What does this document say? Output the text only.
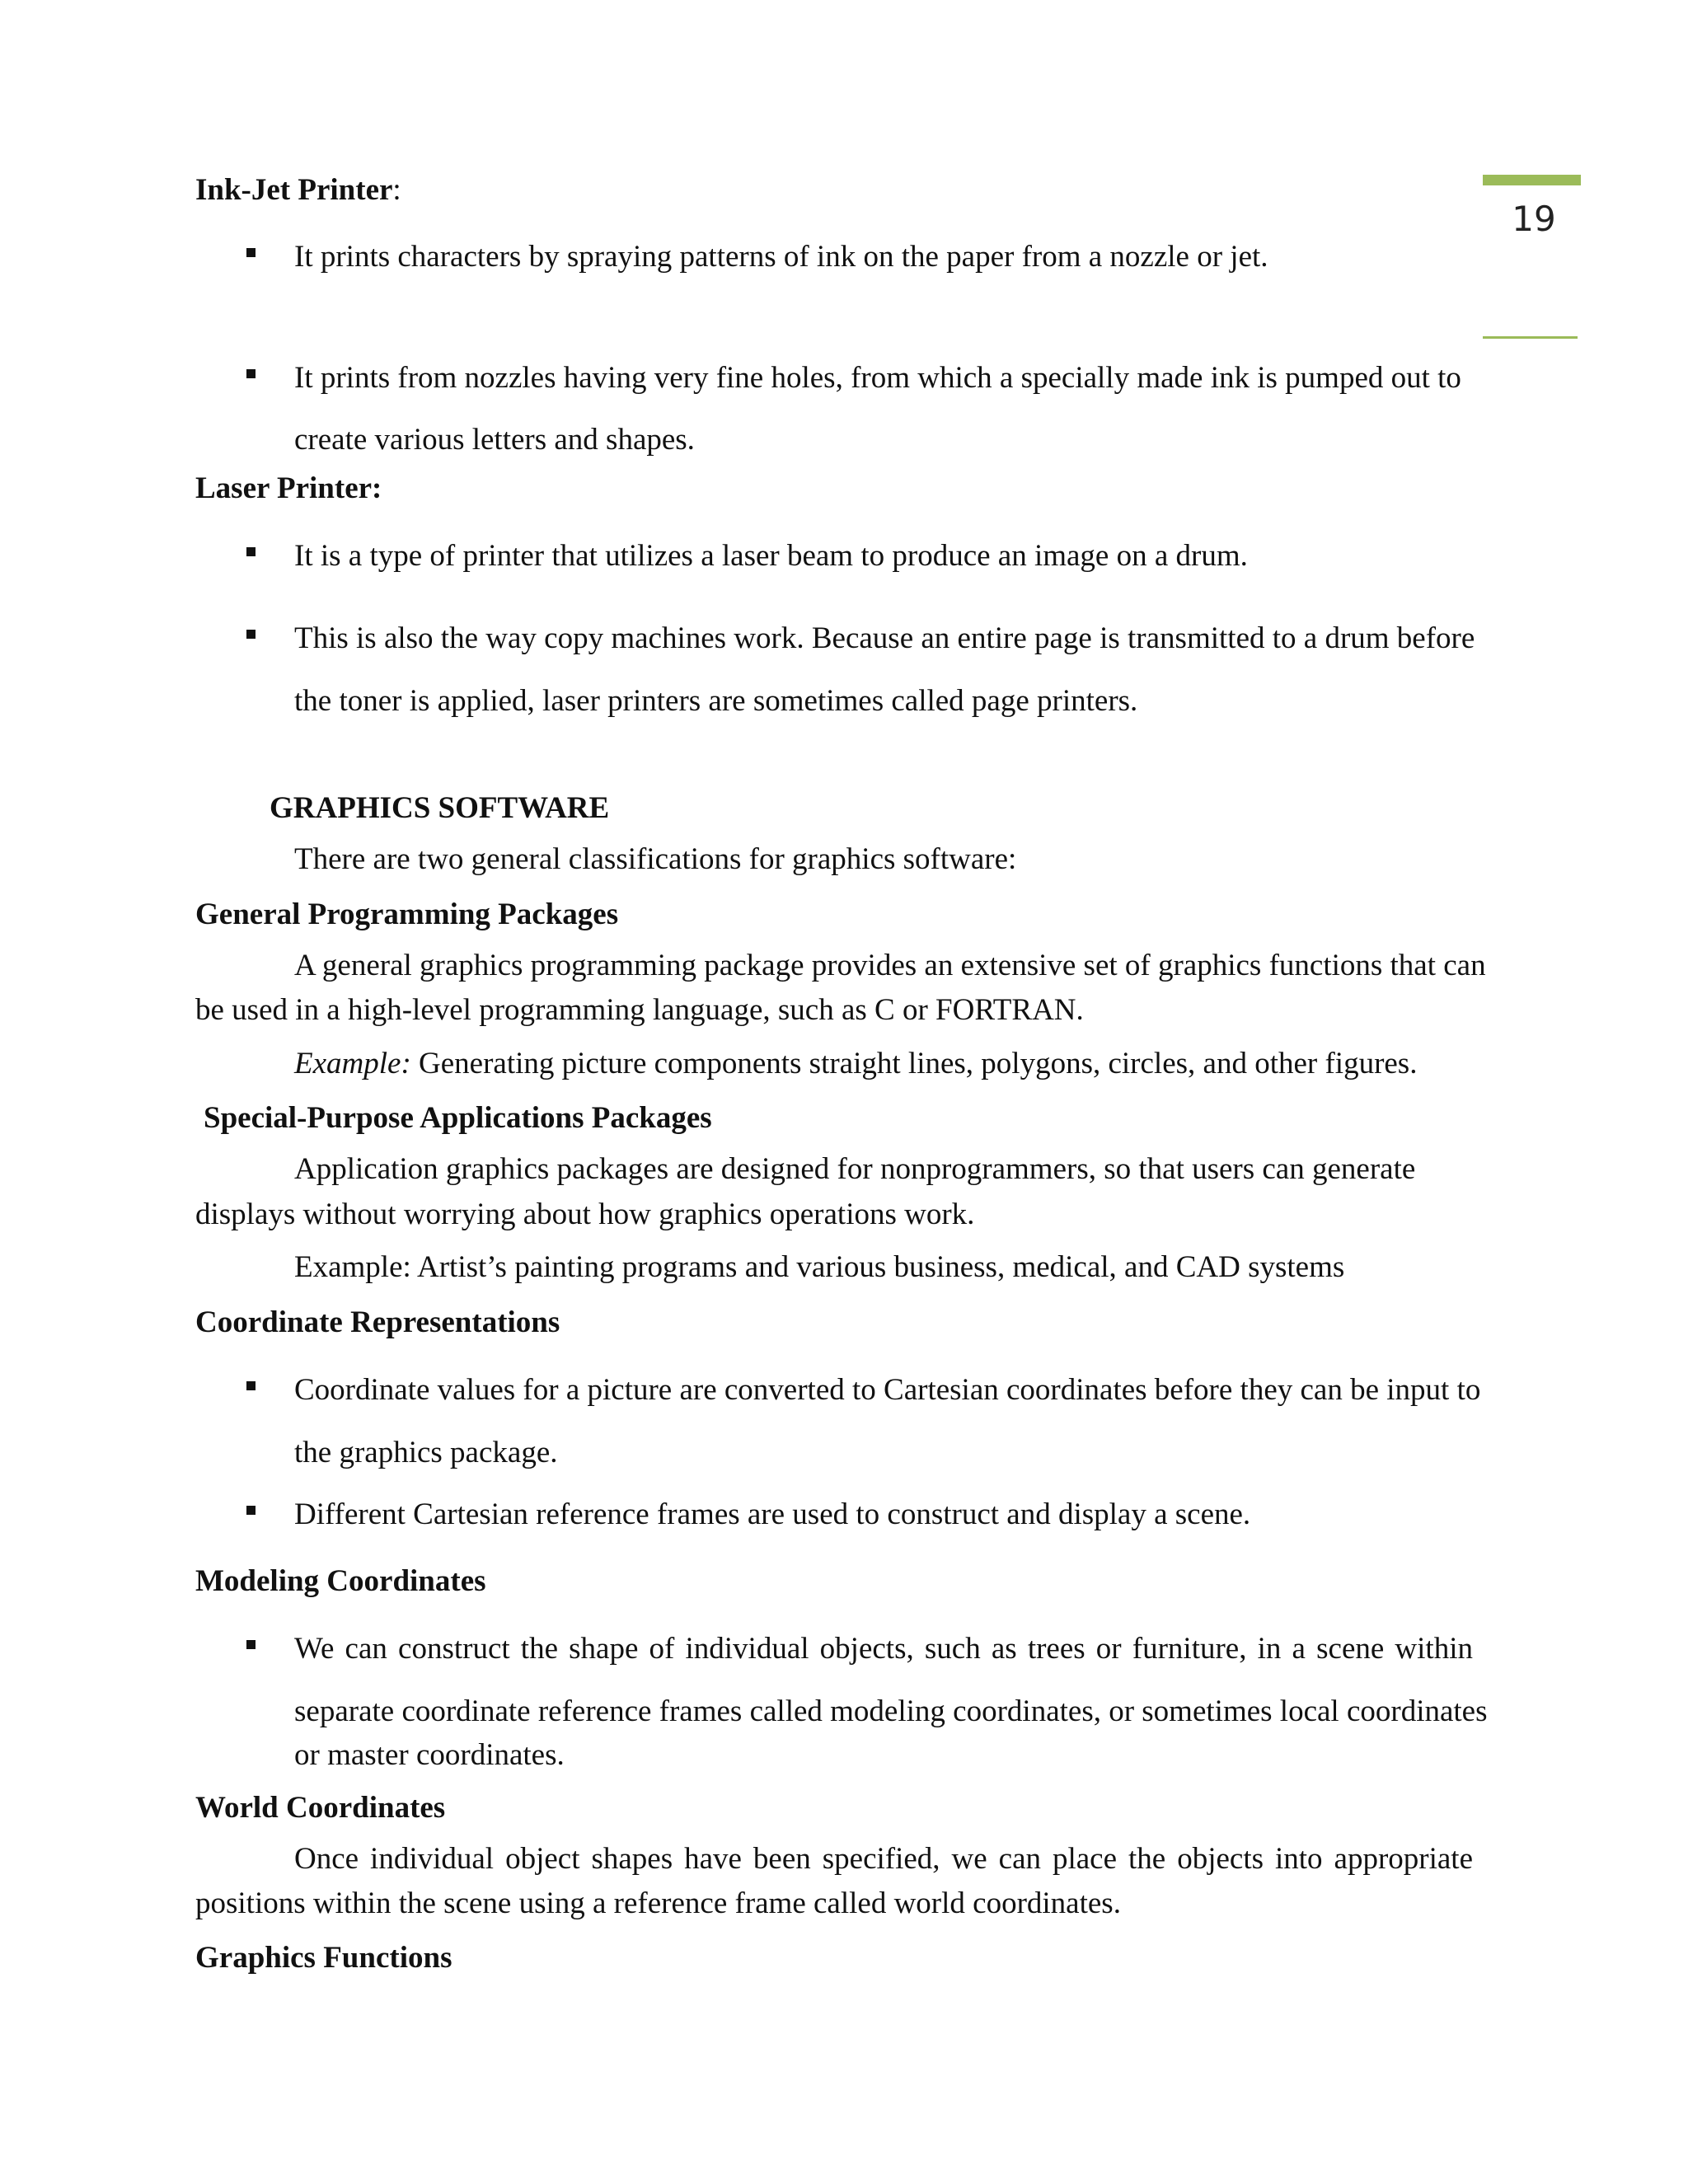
19
Ink-Jet Printer:
It prints characters by spraying patterns of ink on the paper from a nozzle or jet.
It prints from nozzles having very fine holes, from which a specially made ink is pumped out to
create various letters and shapes.
Laser Printer:
It is a type of printer that utilizes a laser beam to produce an image on a drum.
This is also the way copy machines work. Because an entire page is transmitted to a drum before
the toner is applied, laser printers are sometimes called page printers.
GRAPHICS SOFTWARE
There are two general classifications for graphics software:
General Programming Packages
A general graphics programming package provides an extensive set of graphics functions that can
be used in a high-level programming language, such as C or FORTRAN.
Example: Generating picture components straight lines, polygons, circles, and other figures.
Special-Purpose Applications Packages
Application graphics packages are designed for nonprogrammers, so that users can generate
displays without worrying about how graphics operations work.
Example: Artist’s painting programs and various business, medical, and CAD systems
Coordinate Representations
Coordinate values for a picture are converted to Cartesian coordinates before they can be input to
the graphics package.
Different Cartesian reference frames are used to construct and display a scene.
Modeling Coordinates
We can construct the shape of individual objects, such as trees or furniture, in a scene within
separate coordinate reference frames called modeling coordinates, or sometimes local coordinates
or master coordinates.
World Coordinates
Once individual object shapes have been specified, we can place the objects into appropriate
positions within the scene using a reference frame called world coordinates.
Graphics Functions
